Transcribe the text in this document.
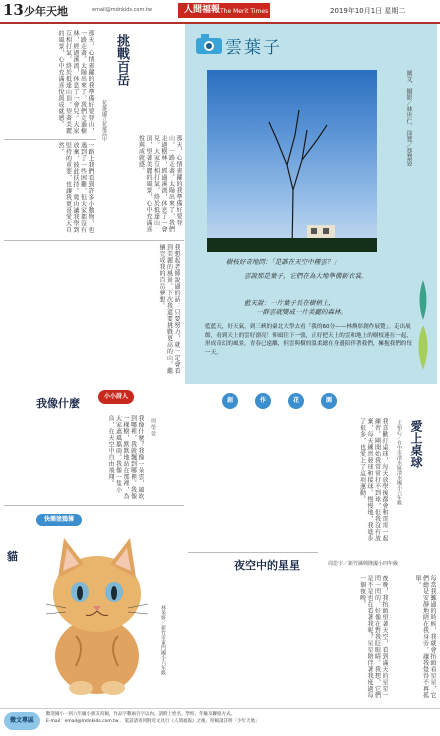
13 少年天地	email@mdnkids.com.tw	人間福報 The Merit Times	2019年10月1日 星期二
挑戰百岳
花蓮/國立花蓮高中
那天，心情雀躍的我準備好要登山，一路走著。太陽出來了，我們走過樹林，經過溪流，休息了一會兒。大家互相打氣，終於抵達山頂，望著美麗的風景，心中充滿喜悅與成就感。
一路上我們看到許多小動物，也遇到了一些困難，但大家都沒有放棄，彼此扶持。爬山讓我學到堅持的重要，也讓我更喜愛大自然。
我想起老師說過的話：只要努力，就一定會看到美麗的風景。下次我還要挑戰更高的山，繼續完成我的百岳夢想。
那天，心情雀躍的我準備好要登山，一路走著。太陽出來了，我們走過樹林，經過溪流，休息了一會兒。大家互相打氣，終於抵達山頂，望著美麗的風景，心中充滿喜悅與成就感。
雲葉子
圖文．攝影／林世仁．徐寬／蔡慧姿
樹枝好奇地問：「是誰在天空中種雲？」
雲說那是葉子，它們在為大地準備新衣裳。
藍天說：一片葉子長在樹梢上，
一群雲就變成一片美麗的森林。
藍藍天，好天氣，到三峽的臺北大學去看「我的60分——林煥彰創作展覽」。走出展館，看到天上的雲好漂亮！仰頭往下一張，正好把天上的雲和地上的樹枝連在一起，形成奇幻的風景。青春已遠離，但雲與樹的溫柔總在身邊陪伴著我們，擁抱我們的每一天。
我像什麼
小小詩人
周 瑩 萱
我像什麼？我像一朵雲，風吹到哪裡，我就飄到哪裡。我像一棵樹，默默地站在那裡，為大家遮風擋雨。我像一隻小鳥，在天空中自由飛翔。
創	作	花	園
愛上桌球
王怡心／台中市清水區清水國小六年級
我喜歡打桌球，每天放學後都會和哥哥一起練習。剛開始我常常打不到球，但我沒有放棄，每天練習發球和接球。慢慢地，我進步了很多，也愛上了這項運動。
夜空中的星星	周思宇／新竹縣興隆國小四年級
夜晚，我抬頭望著天空，看到滿天的星星一閃一閃的，好像在對我眨眼睛。我想，它們是不是也在看著我呢？星星陪伴著我度過每一個夜晚。	每當我難過的時候，我就會抬頭看星星，它們總是安靜地陪在我身旁，讓我覺得不再孤單。
快樂塗鴉簿
貓
林采妍／新竹市東門國小六年級
徵文專區
歡迎國小一到六年級小朋友投稿，作品字數兩百字以內，請附上姓名、學校、年級及聯絡方式。
E-mail：email@mdnkids.com.tw ．電話請寄到附近文具行《人間福報》之後，投稿請註明「少年天地」
